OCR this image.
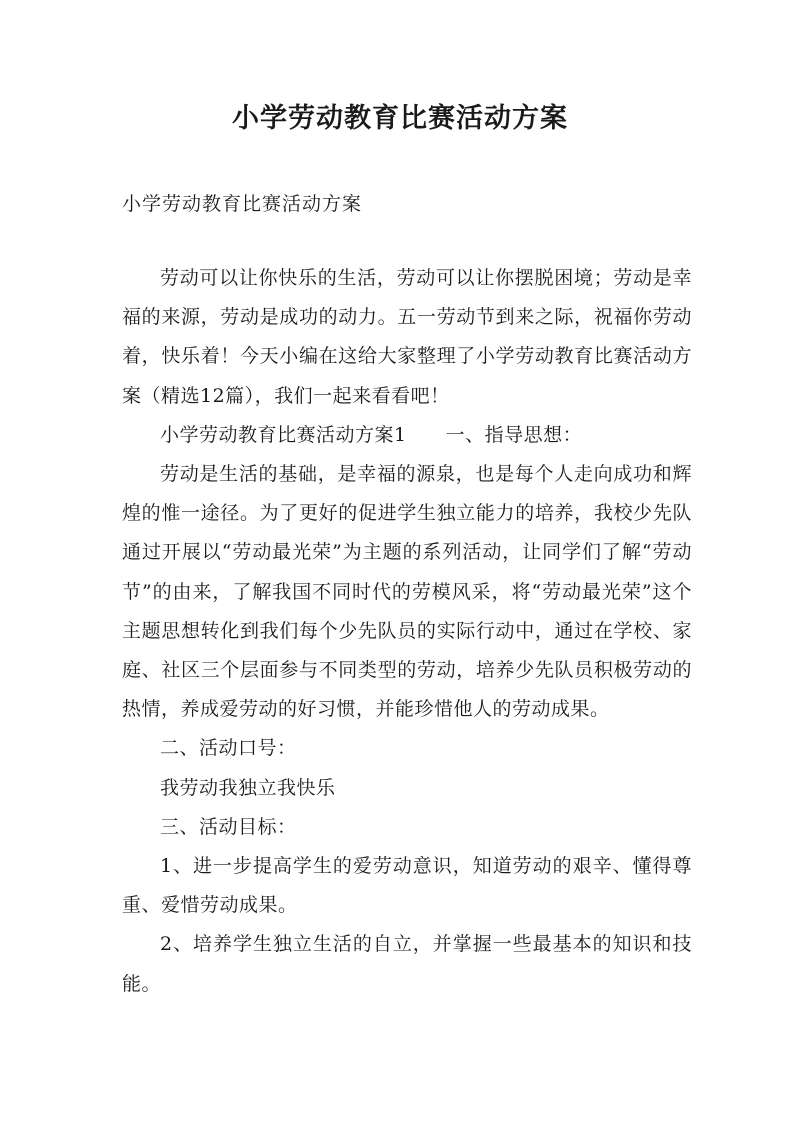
小学劳动教育比赛活动方案
小学劳动教育比赛活动方案

劳动可以让你快乐的生活，劳动可以让你摆脱困境；劳动是幸福的来源，劳动是成功的动力。五一劳动节到来之际，祝福你劳动着，快乐着！今天小编在这给大家整理了小学劳动教育比赛活动方案（精选12篇），我们一起来看看吧！

小学劳动教育比赛活动方案1　　一、指导思想：

劳动是生活的基础，是幸福的源泉，也是每个人走向成功和辉煌的惟一途径。为了更好的促进学生独立能力的培养，我校少先队通过开展以“劳动最光荣”为主题的系列活动，让同学们了解“劳动节”的由来，了解我国不同时代的劳模风采，将“劳动最光荣”这个主题思想转化到我们每个少先队员的实际行动中，通过在学校、家庭、社区三个层面参与不同类型的劳动，培养少先队员积极劳动的热情，养成爱劳动的好习惯，并能珍惜他人的劳动成果。

二、活动口号：

我劳动我独立我快乐

三、活动目标：

1、进一步提高学生的爱劳动意识，知道劳动的艰辛、懂得尊重、爱惜劳动成果。

2、培养学生独立生活的自立，并掌握一些最基本的知识和技能。
